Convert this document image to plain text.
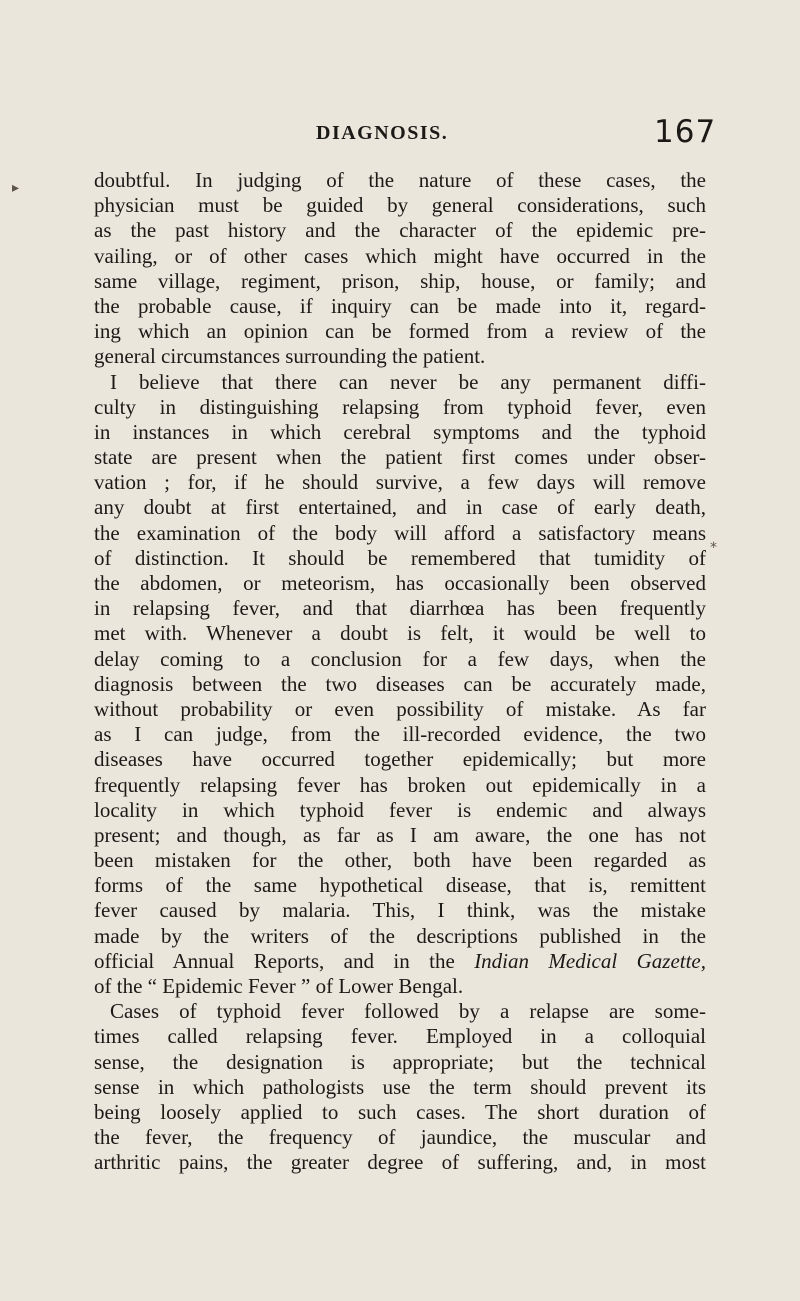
DIAGNOSIS.	167
▸
*
doubtful. In judging of the nature of these cases, the
physician must be guided by general considerations, such
as the past history and the character of the epidemic pre-
vailing, or of other cases which might have occurred in the
same village, regiment, prison, ship, house, or family; and
the probable cause, if inquiry can be made into it, regard-
ing which an opinion can be formed from a review of the
general circumstances surrounding the patient.
I believe that there can never be any permanent diffi-
culty in distinguishing relapsing from typhoid fever, even
in instances in which cerebral symptoms and the typhoid
state are present when the patient first comes under obser-
vation ; for, if he should survive, a few days will remove
any doubt at first entertained, and in case of early death,
the examination of the body will afford a satisfactory means
of distinction. It should be remembered that tumidity of
the abdomen, or meteorism, has occasionally been observed
in relapsing fever, and that diarrhœa has been frequently
met with. Whenever a doubt is felt, it would be well to
delay coming to a conclusion for a few days, when the
diagnosis between the two diseases can be accurately made,
without probability or even possibility of mistake. As far
as I can judge, from the ill-recorded evidence, the two
diseases have occurred together epidemically; but more
frequently relapsing fever has broken out epidemically in a
locality in which typhoid fever is endemic and always
present; and though, as far as I am aware, the one has not
been mistaken for the other, both have been regarded as
forms of the same hypothetical disease, that is, remittent
fever caused by malaria. This, I think, was the mistake
made by the writers of the descriptions published in the
official Annual Reports, and in the Indian Medical Gazette,
of the “ Epidemic Fever ” of Lower Bengal.
Cases of typhoid fever followed by a relapse are some-
times called relapsing fever. Employed in a colloquial
sense, the designation is appropriate; but the technical
sense in which pathologists use the term should prevent its
being loosely applied to such cases. The short duration of
the fever, the frequency of jaundice, the muscular and
arthritic pains, the greater degree of suffering, and, in most
